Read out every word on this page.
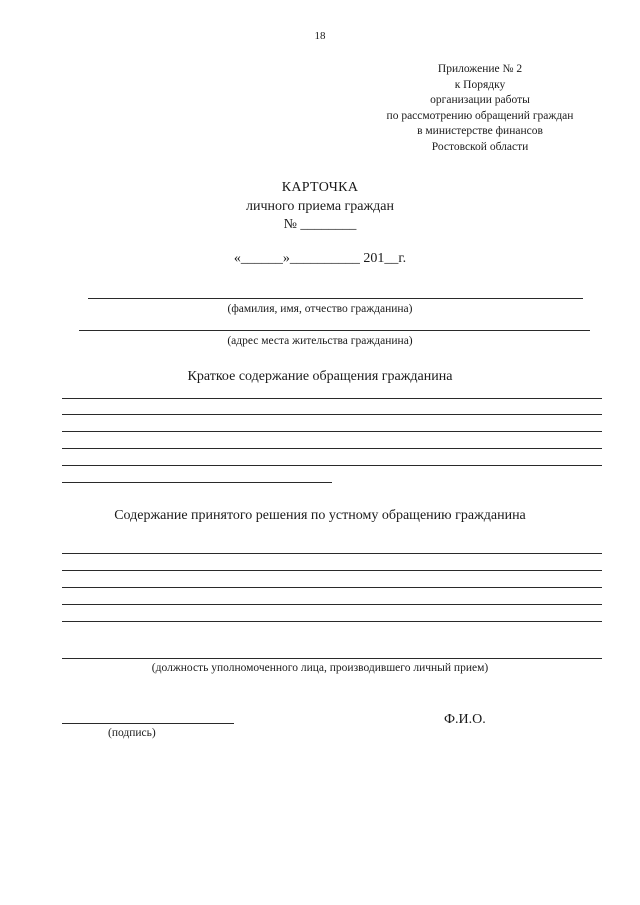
18
Приложение № 2
к Порядку
организации работы
по рассмотрению обращений граждан
в министерстве финансов
Ростовской области
КАРТОЧКА
личного приема граждан
№ ________
«______»__________ 201__г.
(фамилия, имя, отчество гражданина)
(адрес места жительства гражданина)
Краткое содержание обращения гражданина
Содержание принятого решения по устному обращению гражданина
(должность уполномоченного лица, производившего личный прием)
Ф.И.О.
(подпись)
